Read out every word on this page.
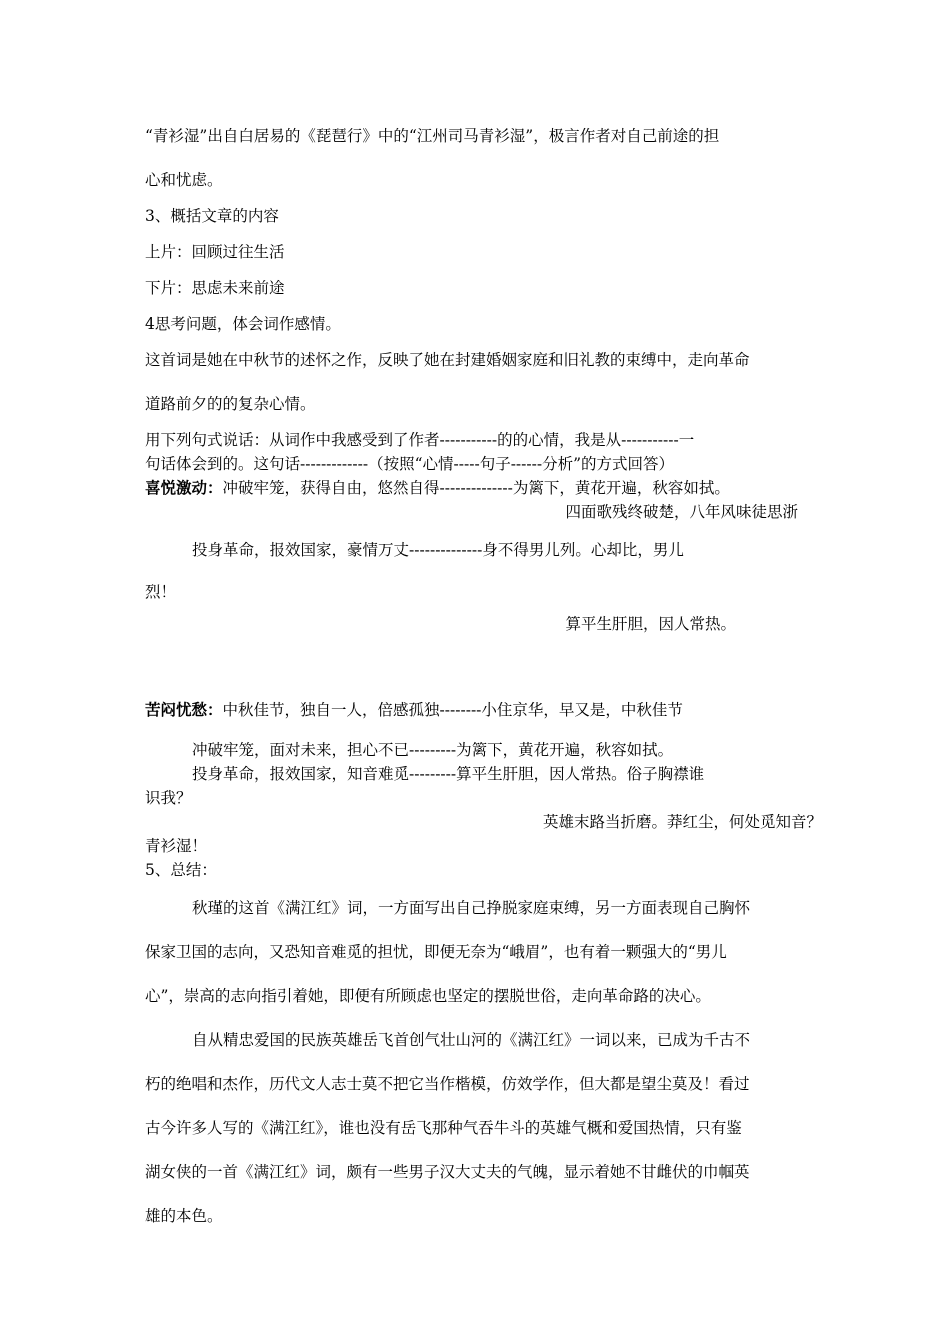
“青衫湿”出自白居易的《琵琶行》中的“江州司马青衫湿”，极言作者对自己前途的担
心和忧虑。
3、概括文章的内容
上片：回顾过往生活
下片：思虑未来前途
4思考问题，体会词作感情。
这首词是她在中秋节的述怀之作，反映了她在封建婚姻家庭和旧礼教的束缚中，走向革命
道路前夕的的复杂心情。
用下列句式说话：从词作中我感受到了作者-----------的的心情，我是从-----------一
句话体会到的。这句话-------------（按照“心情-----句子------分析”的方式回答）
喜悦激动：冲破牢笼，获得自由，悠然自得--------------为篱下，黄花开遍，秋容如拭。
四面歌残终破楚，八年风味徒思浙
投身革命，报效国家，豪情万丈--------------身不得男儿列。心却比，男儿
烈！
算平生肝胆，因人常热。
苦闷忧愁：中秋佳节，独自一人，倍感孤独--------小住京华，早又是，中秋佳节
冲破牢笼，面对未来，担心不已---------为篱下，黄花开遍，秋容如拭。
投身革命，报效国家，知音难觅---------算平生肝胆，因人常热。俗子胸襟谁
识我？
英雄末路当折磨。莽红尘，何处觅知音？
青衫湿！
5、总结：
秋瑾的这首《满江红》词，一方面写出自己挣脱家庭束缚，另一方面表现自己胸怀
保家卫国的志向，又恐知音难觅的担忧，即便无奈为“峨眉”，也有着一颗强大的“男儿
心”，崇高的志向指引着她，即便有所顾虑也坚定的摆脱世俗，走向革命路的决心。
自从精忠爱国的民族英雄岳飞首创气壮山河的《满江红》一词以来，已成为千古不
朽的绝唱和杰作，历代文人志士莫不把它当作楷模，仿效学作，但大都是望尘莫及！看过
古今许多人写的《满江红》，谁也没有岳飞那种气吞牛斗的英雄气概和爱国热情，只有鉴
湖女侠的一首《满江红》词，颇有一些男子汉大丈夫的气魄，显示着她不甘雌伏的巾帼英
雄的本色。
